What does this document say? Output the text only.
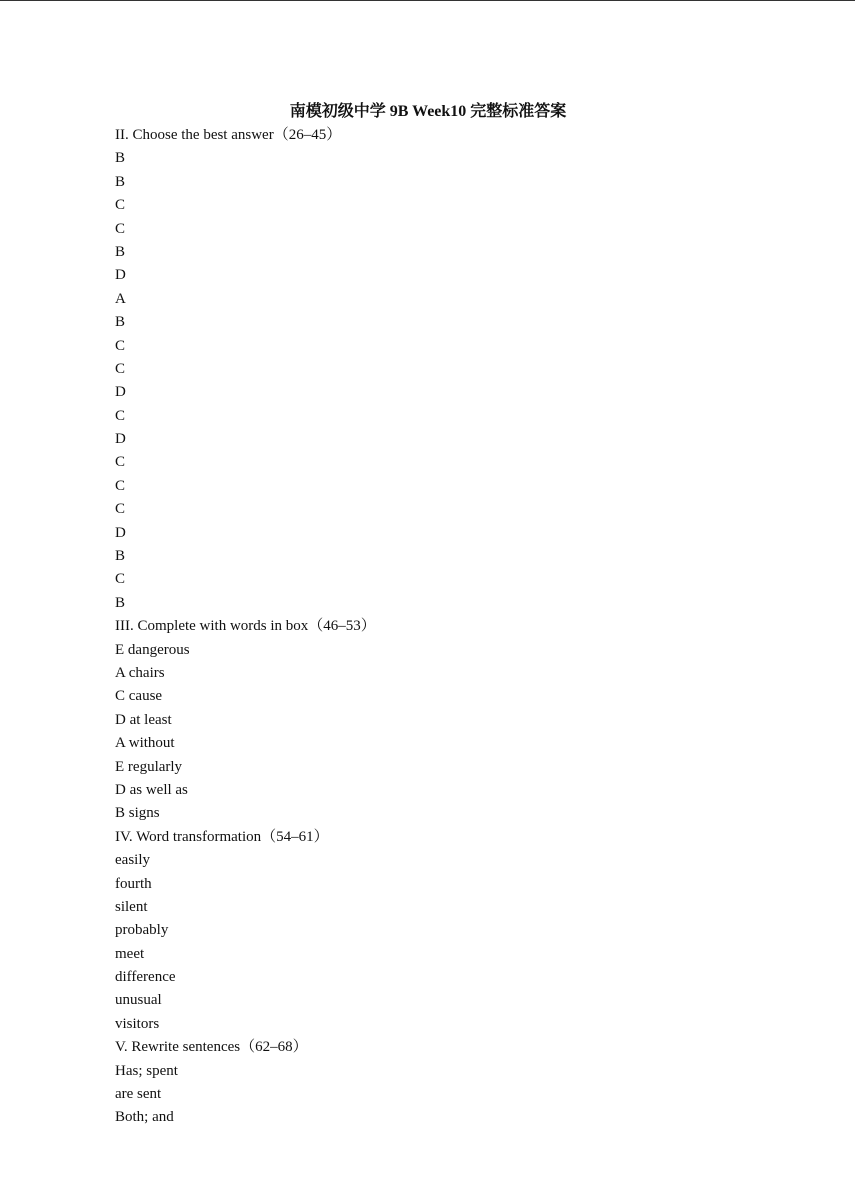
南模初级中学 9B Week10 完整标准答案
II. Choose the best answer（26–45）
B
B
C
C
B
D
A
B
C
C
D
C
D
C
C
C
D
B
C
B
III. Complete with words in box（46–53）
E dangerous
A chairs
C cause
D at least
A without
E regularly
D as well as
B signs
IV. Word transformation（54–61）
easily
fourth
silent
probably
meet
difference
unusual
visitors
V. Rewrite sentences（62–68）
Has; spent
are sent
Both; and
